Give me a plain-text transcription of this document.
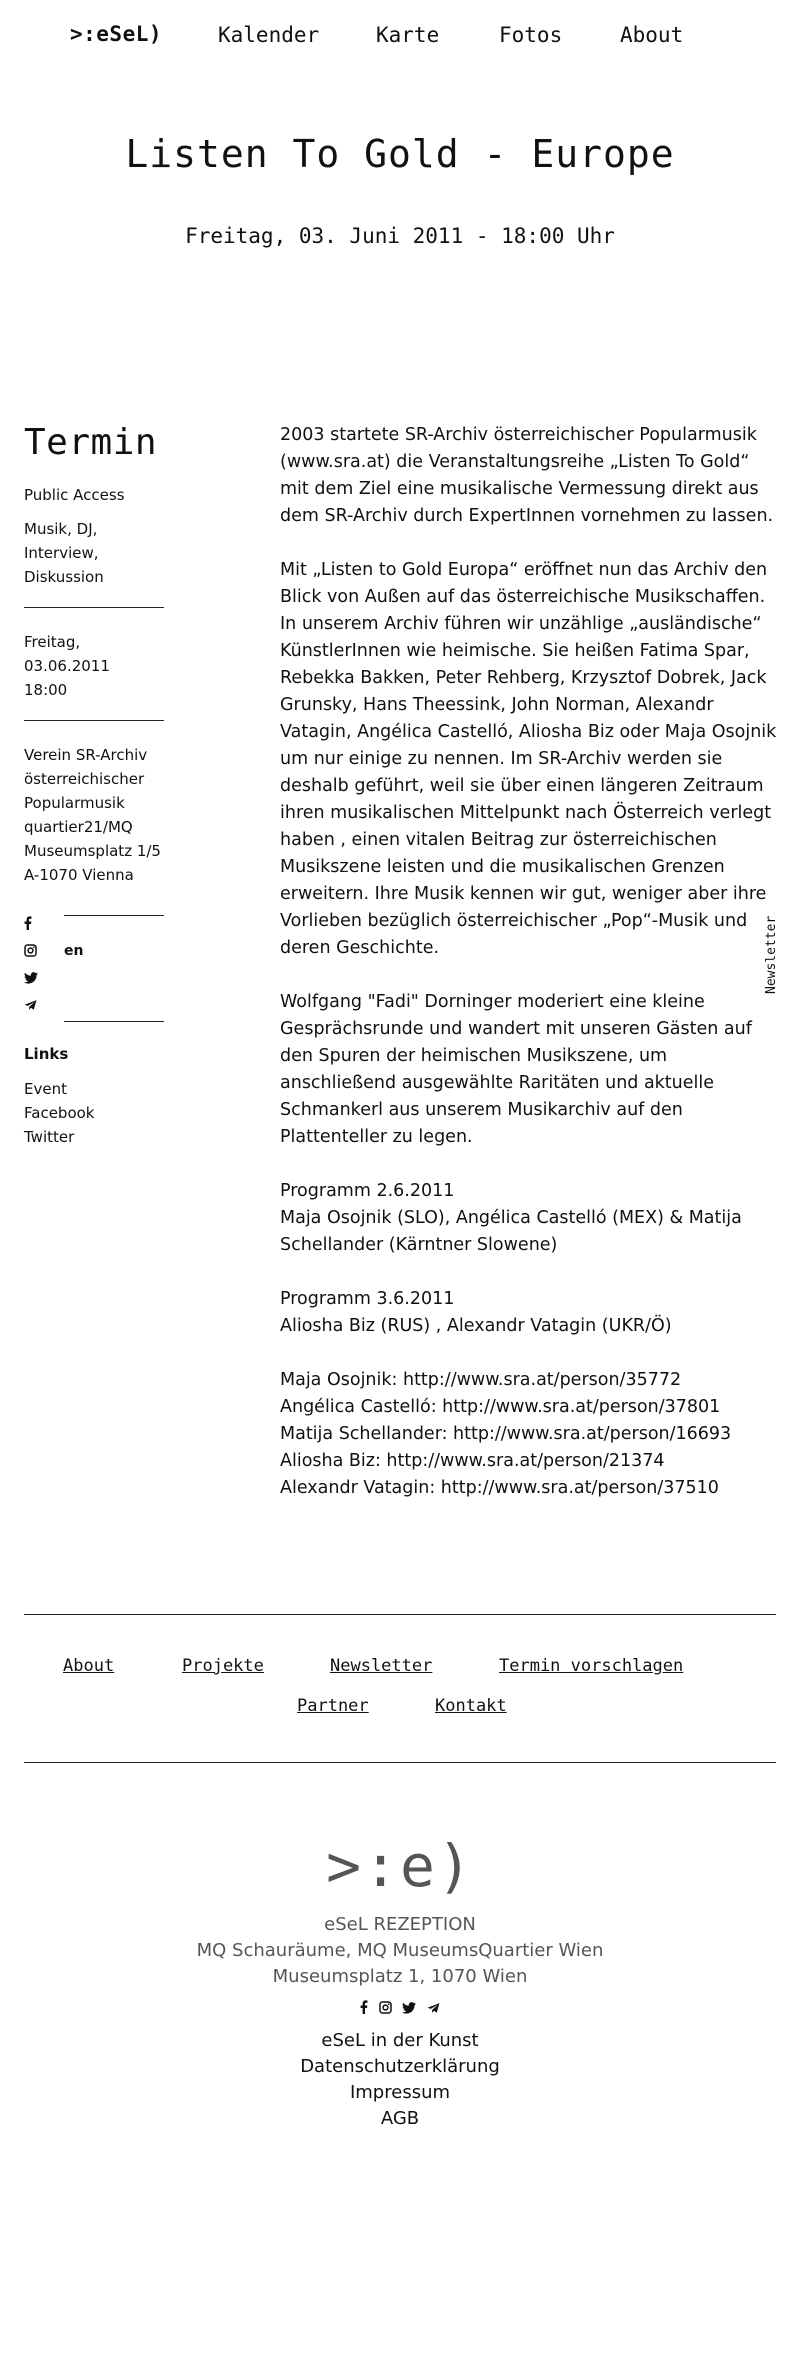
>:eSeL)	Kalender	Karte	Fotos	About
Listen To Gold - Europe
Freitag, 03. Juni 2011 - 18:00 Uhr
Termin
Public Access
Musik, DJ,
Interview,
Diskussion
Freitag, 03.06.2011
18:00
Verein SR-Archiv
österreichischer
Popularmusik
quartier21/MQ
Museumsplatz 1/5
A-1070 Vienna
en
Links
Event
Facebook
Twitter

2003 startete SR-Archiv österreichischer Popularmusik (www.sra.at) die Veranstaltungsreihe „Listen To Gold“ mit dem Ziel eine musikalische Vermessung direkt aus dem SR-Archiv durch ExpertInnen vornehmen zu lassen.

Mit „Listen to Gold Europa“ eröffnet nun das Archiv den Blick von Außen auf das österreichische Musikschaffen. In unserem Archiv führen wir unzählige „ausländische“ KünstlerInnen wie heimische. Sie heißen Fatima Spar, Rebekka Bakken, Peter Rehberg, Krzysztof Dobrek, Jack Grunsky, Hans Theessink, John Norman, Alexandr Vatagin, Angélica Castelló, Aliosha Biz oder Maja Osojnik um nur einige zu nennen. Im SR-Archiv werden sie deshalb geführt, weil sie über einen längeren Zeitraum ihren musikalischen Mittelpunkt nach Österreich verlegt haben , einen vitalen Beitrag zur österreichischen Musikszene leisten und die musikalischen Grenzen erweitern. Ihre Musik kennen wir gut, weniger aber ihre Vorlieben bezüglich österreichischer „Pop“-Musik und deren Geschichte.

Wolfgang "Fadi" Dorninger moderiert eine kleine Gesprächsrunde und wandert mit unseren Gästen auf den Spuren der heimischen Musikszene, um anschließend ausgewählte Raritäten und aktuelle Schmankerl aus unserem Musikarchiv auf den Plattenteller zu legen.

Programm 2.6.2011
Maja Osojnik (SLO), Angélica Castelló (MEX) & Matija Schellander (Kärntner Slowene)

Programm 3.6.2011
Aliosha Biz (RUS) , Alexandr Vatagin (UKR/Ö)

Maja Osojnik: http://www.sra.at/person/35772
Angélica Castelló: http://www.sra.at/person/37801
Matija Schellander: http://www.sra.at/person/16693
Aliosha Biz: http://www.sra.at/person/21374
Alexandr Vatagin: http://www.sra.at/person/37510

Newsletter
About	Projekte	Newsletter	Termin vorschlagen
Partner	Kontakt
>:e)
eSeL REZEPTION
MQ Schauräume, MQ MuseumsQuartier Wien
Museumsplatz 1, 1070 Wien

eSeL in der Kunst
Datenschutzerklärung
Impressum
AGB
